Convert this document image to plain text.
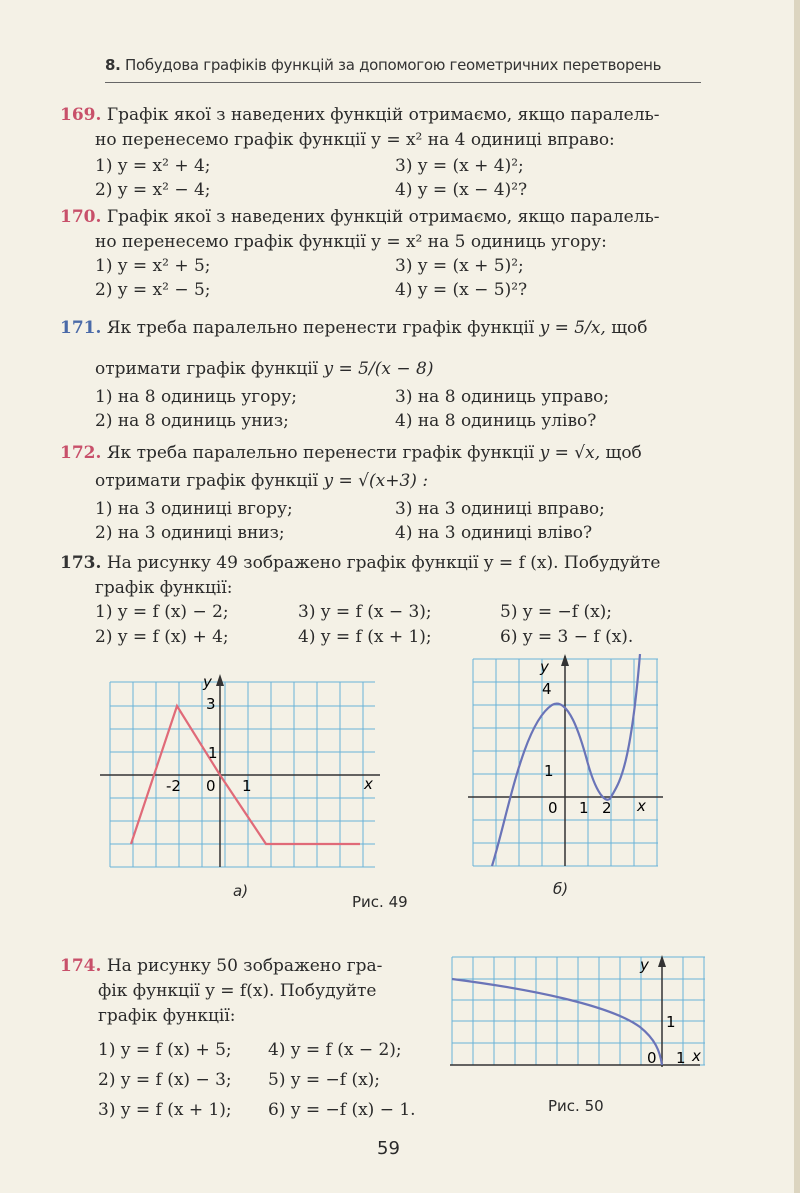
8. Побудова графіків функцій за допомогою геометричних перетворень
169. Графік якої з наведених функцій отримаємо, якщо паралель-
но перенесемо графік функції y = x² на 4 одиниці вправо:
1) y = x² + 4;	3) y = (x + 4)²;
2) y = x² − 4;	4) y = (x − 4)²?
170. Графік якої з наведених функцій отримаємо, якщо паралель-
но перенесемо графік функції y = x² на 5 одиниць угору:
1) y = x² + 5;	3) y = (x + 5)²;
2) y = x² − 5;	4) y = (x − 5)²?
171. Як треба паралельно перенести графік функції y = 5/x, щоб
отримати графік функції y = 5/(x − 8)
1) на 8 одиниць угору;	3) на 8 одиниць управо;
2) на 8 одиниць униз;	4) на 8 одиниць уліво?
172. Як треба паралельно перенести графік функції y = √x, щоб
отримати графік функції y = √(x+3) :
1) на 3 одиниці вгору;	3) на 3 одиниці вправо;
2) на 3 одиниці вниз;	4) на 3 одиниці вліво?
173. На рисунку 49 зображено графік функції y = f (x). Побудуйте
графік функції:
1) y = f (x) − 2;	3) y = f (x − 3);	5) y = −f (x);
2) y = f (x) + 4;	4) y = f (x + 1);	6) y = 3 − f (x).
y
3
1
-2 0 1	x
y
4
1
0 1 2 x
а)
Рис. 49
б)
174. На рисунку 50 зображено гра-
фік функції y = f(x). Побудуйте
графік функції:
1) y = f (x) + 5; 4) y = f (x − 2);
2) y = f (x) − 3; 5) y = −f (x);
3) y = f (x + 1); 6) y = −f (x) − 1.
y
1
0 1 x
Рис. 50
59
